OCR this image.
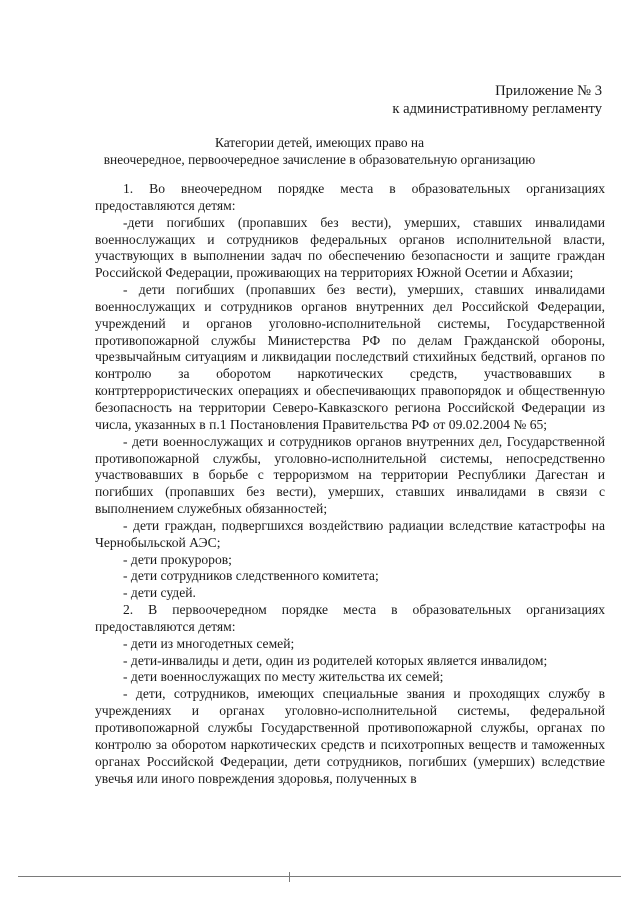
Приложение № 3
к административному регламенту
Категории детей, имеющих право на
внеочередное, первоочередное зачисление в образовательную организацию

1. Во внеочередном порядке места в образовательных организациях предоставляются детям:

-дети погибших (пропавших без вести), умерших, ставших инвалидами военнослужащих и сотрудников федеральных органов исполнительной власти, участвующих в выполнении задач по обеспечению безопасности и защите граждан Российской Федерации, проживающих на территориях Южной Осетии и Абхазии;

- дети погибших (пропавших без вести), умерших, ставших инвалидами военнослужащих и сотрудников органов внутренних дел Российской Федерации, учреждений и органов уголовно-исполнительной системы, Государственной противопожарной службы Министерства РФ по делам Гражданской обороны, чрезвычайным ситуациям и ликвидации последствий стихийных бедствий, органов по контролю за оборотом наркотических средств, участвовавших в контртеррористических операциях и обеспечивающих правопорядок и общественную безопасность на территории Северо-Кавказского региона Российской Федерации из числа, указанных в п.1 Постановления Правительства РФ от 09.02.2004 № 65;

- дети военнослужащих и сотрудников органов внутренних дел, Государственной противопожарной службы, уголовно-исполнительной системы, непосредственно участвовавших в борьбе с терроризмом на территории Республики Дагестан и погибших (пропавших без вести), умерших, ставших инвалидами в связи с выполнением служебных обязанностей;

- дети граждан, подвергшихся воздействию радиации вследствие катастрофы на Чернобыльской АЭС;

- дети прокуроров;

- дети сотрудников следственного комитета;

- дети судей.

2. В первоочередном порядке места в образовательных организациях предоставляются детям:

- дети из многодетных семей;

- дети-инвалиды и дети, один из родителей которых является инвалидом;

- дети военнослужащих по месту жительства их семей;

- дети, сотрудников, имеющих специальные звания и проходящих службу в учреждениях и органах уголовно-исполнительной системы, федеральной противопожарной службы Государственной противопожарной службы, органах по контролю за оборотом наркотических средств и психотропных веществ и таможенных органах Российской Федерации, дети сотрудников, погибших (умерших) вследствие увечья или иного повреждения здоровья, полученных в
